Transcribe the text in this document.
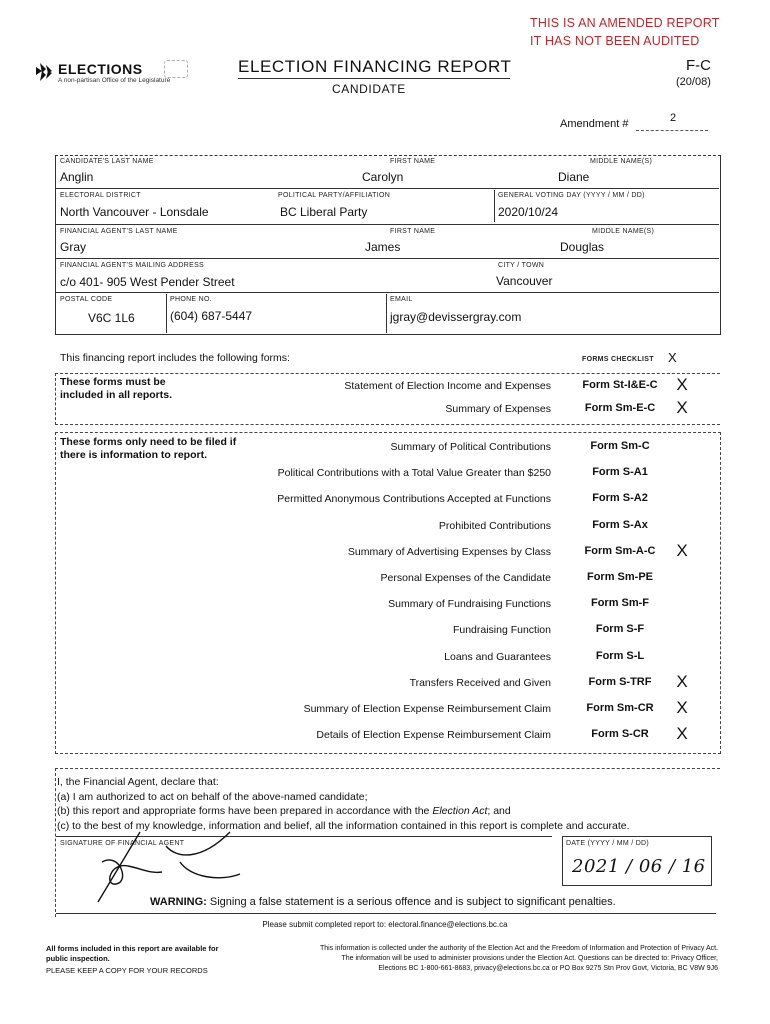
THIS IS AN AMENDED REPORT
IT HAS NOT BEEN AUDITED
ELECTIONS
A non-partisan Office of the Legislature
ELECTION FINANCING REPORT
CANDIDATE
F-C
(20/08)
Amendment #	2
CANDIDATE'S LAST NAME	FIRST NAME	MIDDLE NAME(S)
Anglin	Carolyn	Diane
ELECTORAL DISTRICT	POLITICAL PARTY/AFFILIATION	GENERAL VOTING DAY (YYYY / MM / DD)
North Vancouver - Lonsdale	BC Liberal Party	2020/10/24
FINANCIAL AGENT'S LAST NAME	FIRST NAME	MIDDLE NAME(S)
Gray	James	Douglas
FINANCIAL AGENT'S MAILING ADDRESS	CITY / TOWN
c/o 401- 905 West Pender Street	Vancouver
POSTAL CODE	PHONE NO.	EMAIL
V6C 1L6	(604) 687-5447	jgray@devissergray.com
This financing report includes the following forms:	FORMS CHECKLIST X
These forms must be included in all reports.
Statement of Election Income and Expenses	Form St-I&E-C	X
Summary of Expenses	Form Sm-E-C	X
These forms only need to be filed if there is information to report.
Summary of Political Contributions	Form Sm-C
Political Contributions with a Total Value Greater than $250	Form S-A1
Permitted Anonymous Contributions Accepted at Functions	Form S-A2
Prohibited Contributions	Form S-Ax
Summary of Advertising Expenses by Class	Form Sm-A-C	X
Personal Expenses of the Candidate	Form Sm-PE
Summary of Fundraising Functions	Form Sm-F
Fundraising Function	Form S-F
Loans and Guarantees	Form S-L
Transfers Received and Given	Form S-TRF	X
Summary of Election Expense Reimbursement Claim	Form Sm-CR	X
Details of Election Expense Reimbursement Claim	Form S-CR	X
I, the Financial Agent, declare that:
(a) I am authorized to act on behalf of the above-named candidate;
(b) this report and appropriate forms have been prepared in accordance with the Election Act; and
(c) to the best of my knowledge, information and belief, all the information contained in this report is complete and accurate.
SIGNATURE OF FINANCIAL AGENT	DATE (YYYY / MM / DD)
2021 / 06 / 16
WARNING: Signing a false statement is a serious offence and is subject to significant penalties.
Please submit completed report to: electoral.finance@elections.bc.ca
All forms included in this report are available for public inspection.
PLEASE KEEP A COPY FOR YOUR RECORDS
This information is collected under the authority of the Election Act and the Freedom of Information and Protection of Privacy Act.
The information will be used to administer provisions under the Election Act. Questions can be directed to: Privacy Officer,
Elections BC 1-800-661-8683, privacy@elections.bc.ca or PO Box 9275 Stn Prov Govt, Victoria, BC V8W 9J6
